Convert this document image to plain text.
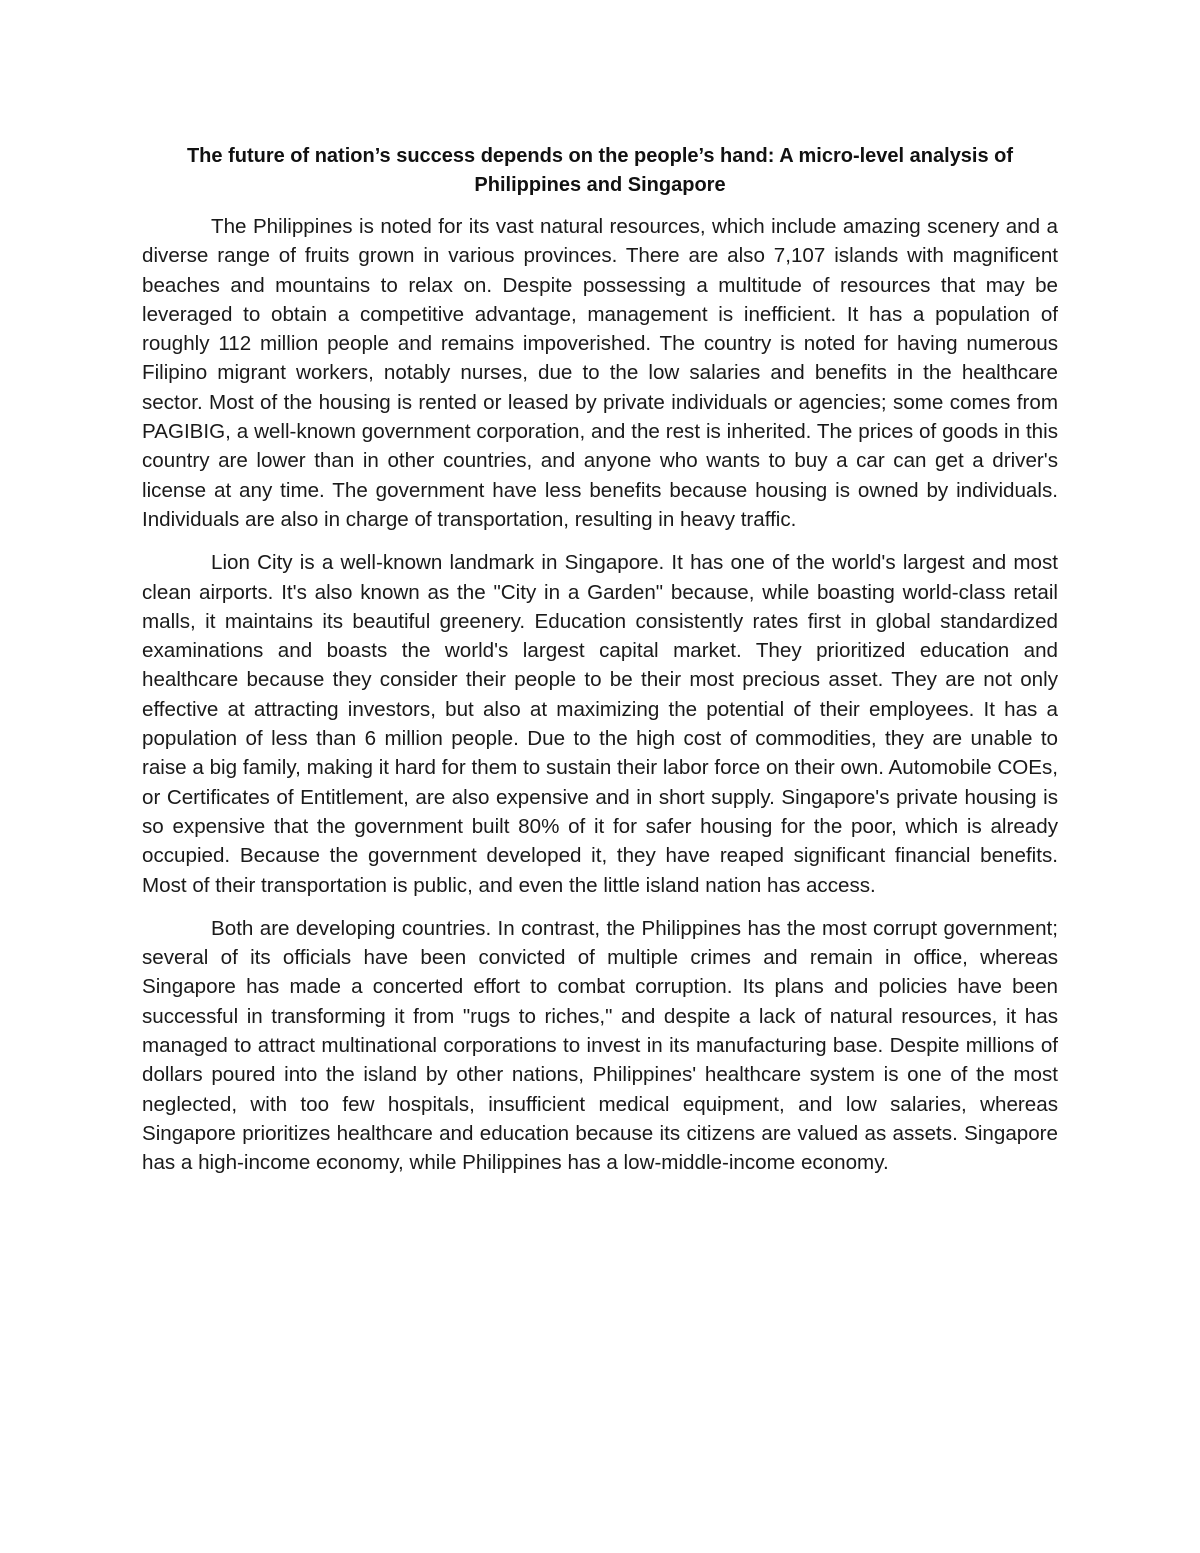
The future of nation’s success depends on the people’s hand: A micro-level analysis of Philippines and Singapore

The Philippines is noted for its vast natural resources, which include amazing scenery and a diverse range of fruits grown in various provinces. There are also 7,107 islands with magnificent beaches and mountains to relax on. Despite possessing a multitude of resources that may be leveraged to obtain a competitive advantage, management is inefficient. It has a population of roughly 112 million people and remains impoverished. The country is noted for having numerous Filipino migrant workers, notably nurses, due to the low salaries and benefits in the healthcare sector. Most of the housing is rented or leased by private individuals or agencies; some comes from PAGIBIG, a well-known government corporation, and the rest is inherited. The prices of goods in this country are lower than in other countries, and anyone who wants to buy a car can get a driver's license at any time. The government have less benefits because housing is owned by individuals. Individuals are also in charge of transportation, resulting in heavy traffic.

Lion City is a well-known landmark in Singapore. It has one of the world's largest and most clean airports. It's also known as the "City in a Garden" because, while boasting world-class retail malls, it maintains its beautiful greenery. Education consistently rates first in global standardized examinations and boasts the world's largest capital market. They prioritized education and healthcare because they consider their people to be their most precious asset. They are not only effective at attracting investors, but also at maximizing the potential of their employees. It has a population of less than 6 million people. Due to the high cost of commodities, they are unable to raise a big family, making it hard for them to sustain their labor force on their own. Automobile COEs, or Certificates of Entitlement, are also expensive and in short supply. Singapore's private housing is so expensive that the government built 80% of it for safer housing for the poor, which is already occupied. Because the government developed it, they have reaped significant financial benefits. Most of their transportation is public, and even the little island nation has access.

Both are developing countries. In contrast, the Philippines has the most corrupt government; several of its officials have been convicted of multiple crimes and remain in office, whereas Singapore has made a concerted effort to combat corruption. Its plans and policies have been successful in transforming it from "rugs to riches," and despite a lack of natural resources, it has managed to attract multinational corporations to invest in its manufacturing base. Despite millions of dollars poured into the island by other nations, Philippines' healthcare system is one of the most neglected, with too few hospitals, insufficient medical equipment, and low salaries, whereas Singapore prioritizes healthcare and education because its citizens are valued as assets. Singapore has a high-income economy, while Philippines has a low-middle-income economy.
